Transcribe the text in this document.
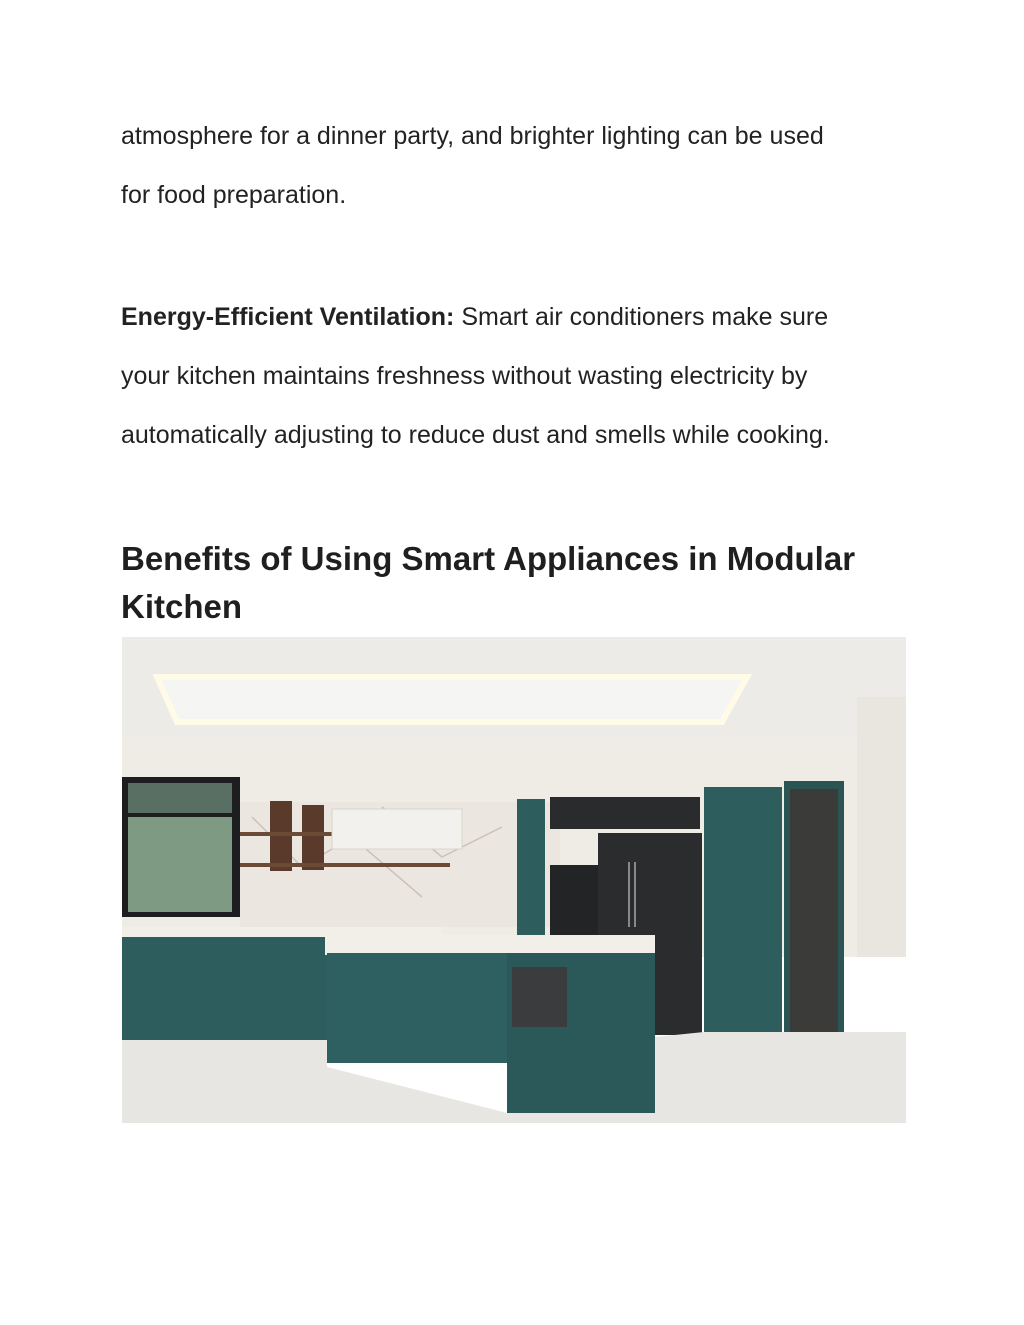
atmosphere for a dinner party, and brighter lighting can be used

for food preparation.

Energy-Efficient Ventilation: Smart air conditioners make sure

your kitchen maintains freshness without wasting electricity by

automatically adjusting to reduce dust and smells while cooking.

Benefits of Using Smart Appliances in Modular
Kitchen
